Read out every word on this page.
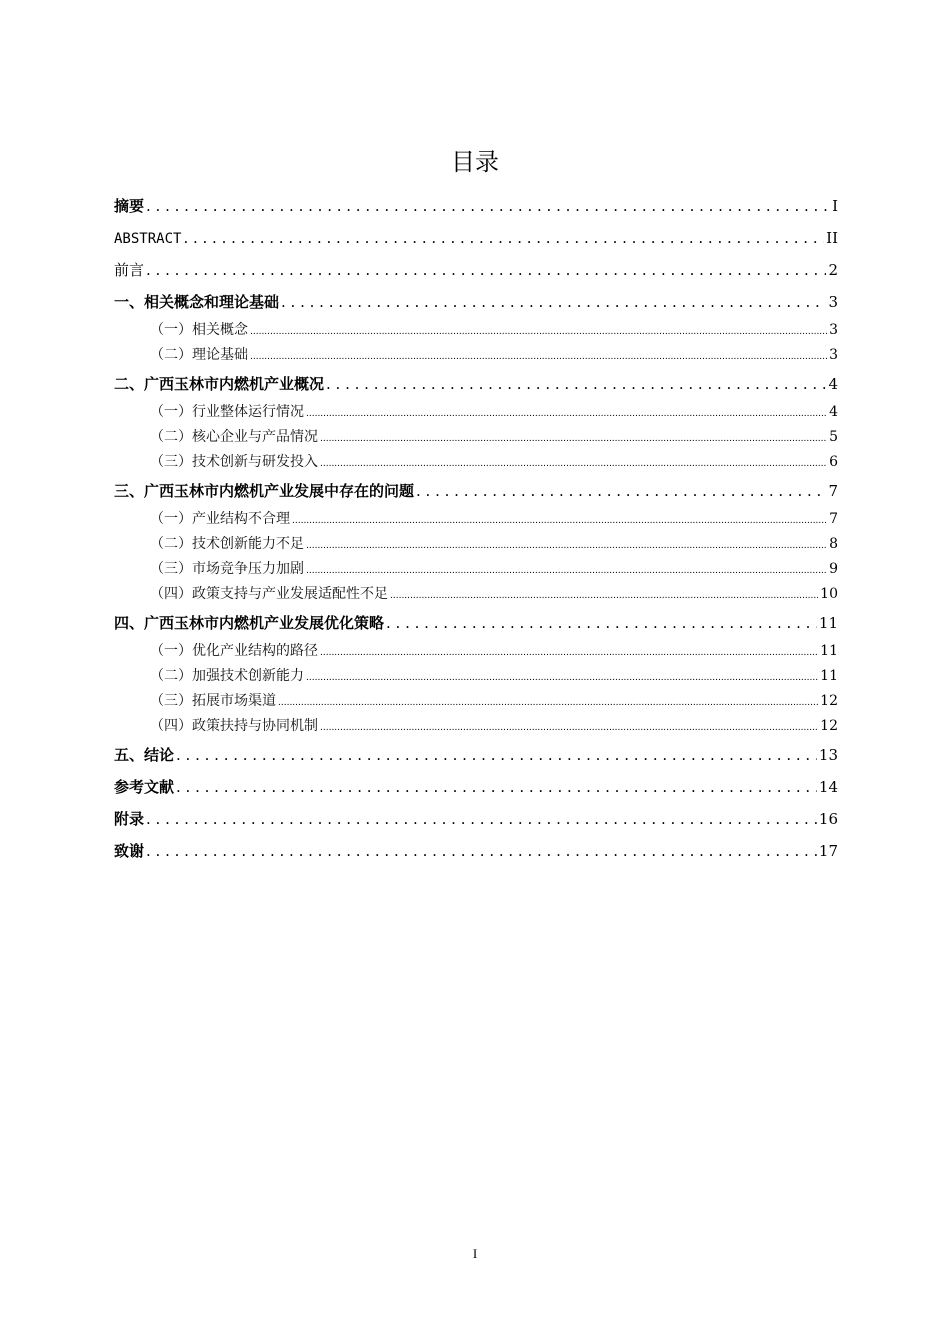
目录
摘要 . . .	I
ABSTRACT . . .	II
前言 . . .	2
一、相关概念和理论基础 . . .	3
（一）相关概念 .....	3
（二）理论基础 .....	3
二、广西玉林市内燃机产业概况 . . .	4
（一）行业整体运行情况 .....	4
（二）核心企业与产品情况 .....	5
（三）技术创新与研发投入 .....	6
三、广西玉林市内燃机产业发展中存在的问题 . . .	7
（一）产业结构不合理 .....	7
（二）技术创新能力不足 .....	8
（三）市场竞争压力加剧 .....	9
（四）政策支持与产业发展适配性不足 .....	10
四、广西玉林市内燃机产业发展优化策略 . . .	11
（一）优化产业结构的路径 .....	11
（二）加强技术创新能力 .....	11
（三）拓展市场渠道 .....	12
（四）政策扶持与协同机制 .....	12
五、结论 . . .	13
参考文献 . . .	14
附录 . . .	16
致谢 . . .	17
I
